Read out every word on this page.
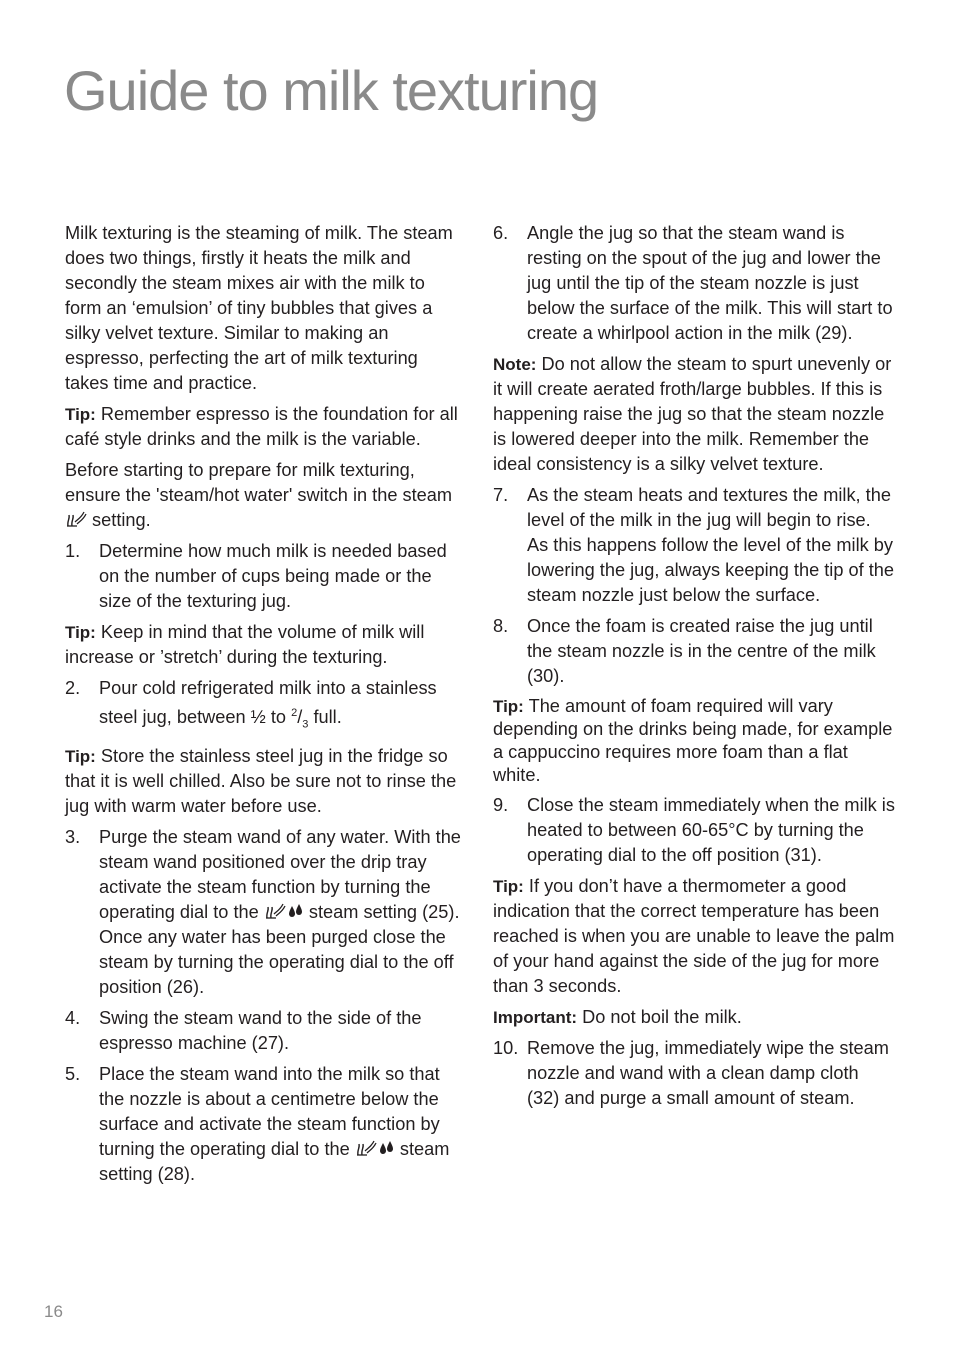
Guide to milk texturing

Milk texturing is the steaming of milk. The steam does two things, firstly it heats the milk and secondly the steam mixes air with the milk to form an ‘emulsion’ of tiny bubbles that gives a silky velvet texture. Similar to making an espresso, perfecting the art of milk texturing takes time and practice.

Tip: Remember espresso is the foundation for all café style drinks and the milk is the variable.

Before starting to prepare for milk texturing, ensure the 'steam/hot water' switch in the steam  setting.

1.	Determine how much milk is needed based on the number of cups being made or the size of the texturing jug.

Tip: Keep in mind that the volume of milk will increase or ’stretch’ during the texturing.

2.	Pour cold refrigerated milk into a stainless steel jug, between ½ to $^2/_3$ full.

Tip: Store the stainless steel jug in the fridge so that it is well chilled. Also be sure not to rinse the jug with warm water before use.

3.	Purge the steam wand of any water. With the steam wand positioned over the drip tray activate the steam function by turning the operating dial to the  steam setting (25). Once any water has been purged close the steam by turning the operating dial to the off position (26).
4.	Swing the steam wand to the side of the espresso machine (27).
5.	Place the steam wand into the milk so that the nozzle is about a centimetre below the surface and activate the steam function by turning the operating dial to the  steam setting (28).
6.	Angle the jug so that the steam wand is resting on the spout of the jug and lower the jug until the tip of the steam nozzle is just below the surface of the milk. This will start to create a whirlpool action in the milk (29).

Note: Do not allow the steam to spurt unevenly or it will create aerated froth/large bubbles. If this is happening raise the jug so that the steam nozzle is lowered deeper into the milk. Remember the ideal consistency is a silky velvet texture.

7.	As the steam heats and textures the milk, the level of the milk in the jug will begin to rise. As this happens follow the level of the milk by lowering the jug, always keeping the tip of the steam nozzle just below the surface.
8.	Once the foam is created raise the jug until the steam nozzle is in the centre of the milk (30).

Tip: The amount of foam required will vary depending on the drinks being made, for example a cappuccino requires more foam than a flat white.

9.	Close the steam immediately when the milk is heated to between 60-65°C by turning the operating dial to the off position (31).

Tip: If you don’t have a thermometer a good indication that the correct temperature has been reached is when you are unable to leave the palm of your hand against the side of the jug for more than 3 seconds.

Important: Do not boil the milk.

10. Remove the jug, immediately wipe the steam nozzle and wand with a clean damp cloth (32) and purge a small amount of steam.
16
